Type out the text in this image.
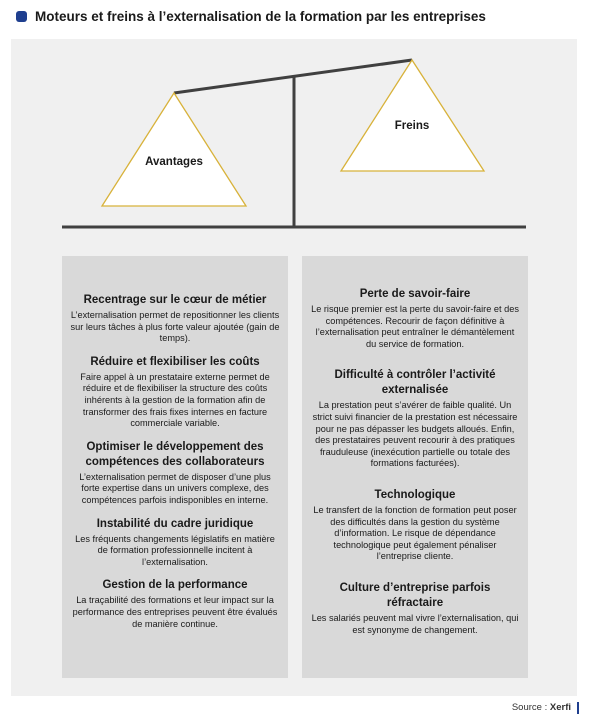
Moteurs et freins à l’externalisation de la formation par les entreprises
Avantages
Freins
Recentrage sur le cœur de métier

L’externalisation permet de repositionner les clients sur leurs tâches à plus forte valeur ajoutée (gain de temps).

Réduire et flexibiliser les coûts

Faire appel à un prestataire externe permet de réduire et de flexibiliser la structure des coûts inhérents à la gestion de la formation afin de transformer des frais fixes internes en facture commerciale variable.

Optimiser le développement des compétences des collaborateurs

L’externalisation permet de disposer d’une plus forte expertise dans un univers complexe, des compétences parfois indisponibles en interne.

Instabilité du cadre juridique

Les fréquents changements législatifs en matière de formation professionnelle incitent à l’externalisation.

Gestion de la performance

La traçabilité des formations et leur impact sur la performance des entreprises peuvent être évalués de manière continue.

Perte de savoir-faire

Le risque premier est la perte du savoir-faire et des compétences. Recourir de façon définitive à l’externalisation peut entraîner le démantèlement du service de formation.

Difficulté à contrôler l’activité externalisée

La prestation peut s’avérer de faible qualité. Un strict suivi financier de la prestation est nécessaire pour ne pas dépasser les budgets alloués. Enfin, des prestataires peuvent recourir à des pratiques frauduleuse (inexécution partielle ou totale des formations facturées).

Technologique

Le transfert de la fonction de formation peut poser des difficultés dans la gestion du système d’information. Le risque de dépendance technologique peut également pénaliser l’entreprise cliente.

Culture d’entreprise parfois réfractaire

Les salariés peuvent mal vivre l’externalisation, qui est synonyme de changement.

Source : Xerfi
